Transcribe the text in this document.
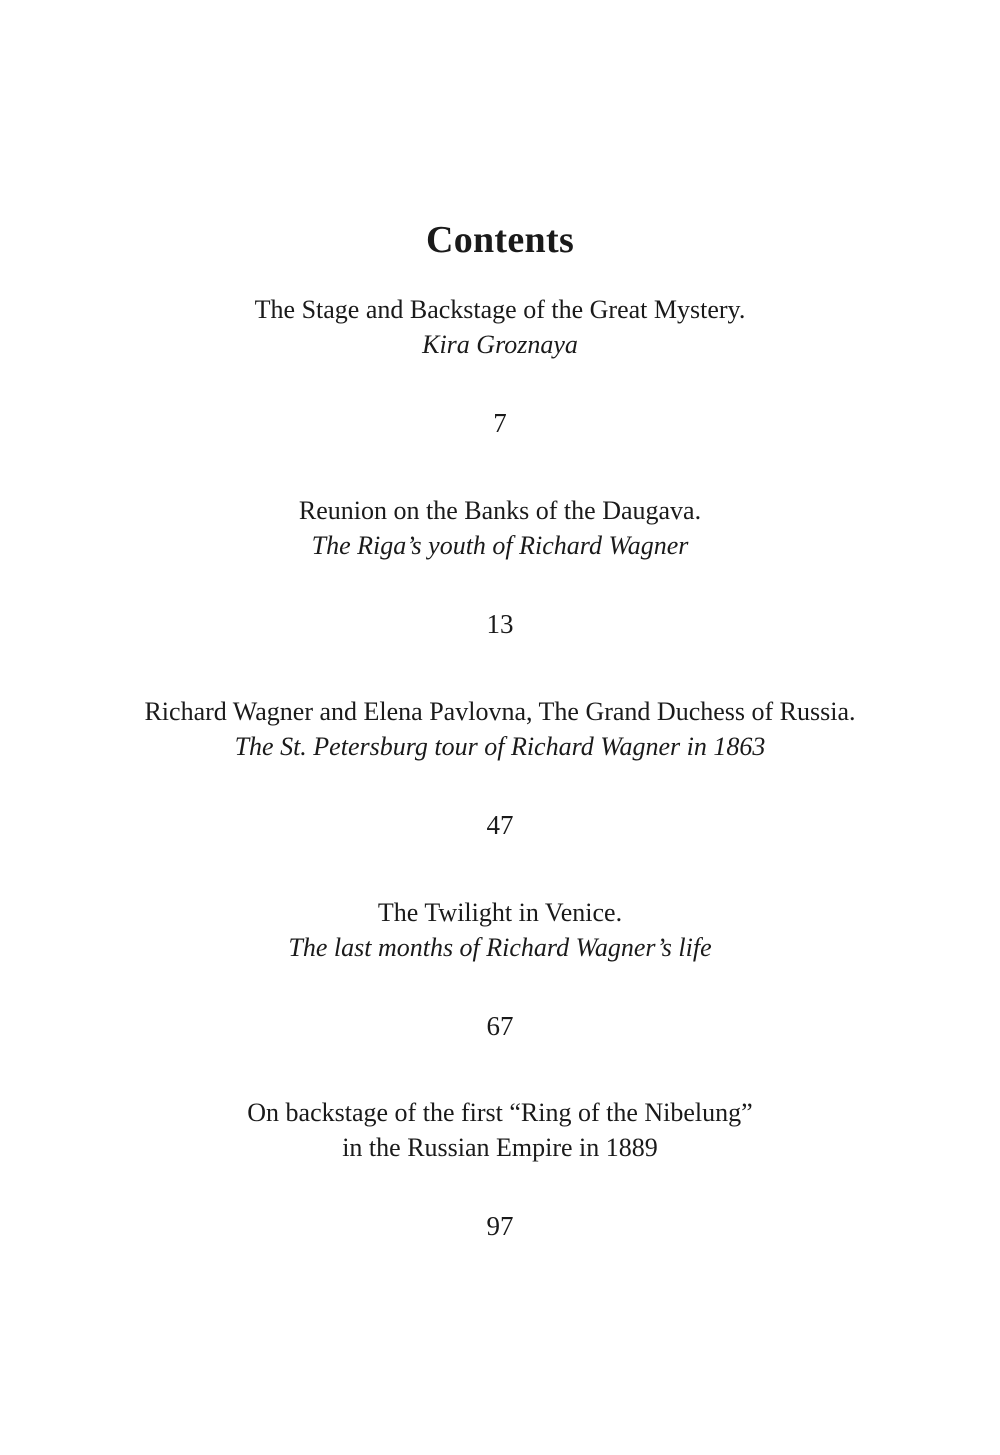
Contents
The Stage and Backstage of the Great Mystery.
Kira Groznaya
7
Reunion on the Banks of the Daugava.
The Riga’s youth of Richard Wagner
13
Richard Wagner and Elena Pavlovna, The Grand Duchess of Russia.
The St. Petersburg tour of Richard Wagner in 1863
47
The Twilight in Venice.
The last months of Richard Wagner’s life
67
On backstage of the first “Ring of the Nibelung”
in the Russian Empire in 1889
97
